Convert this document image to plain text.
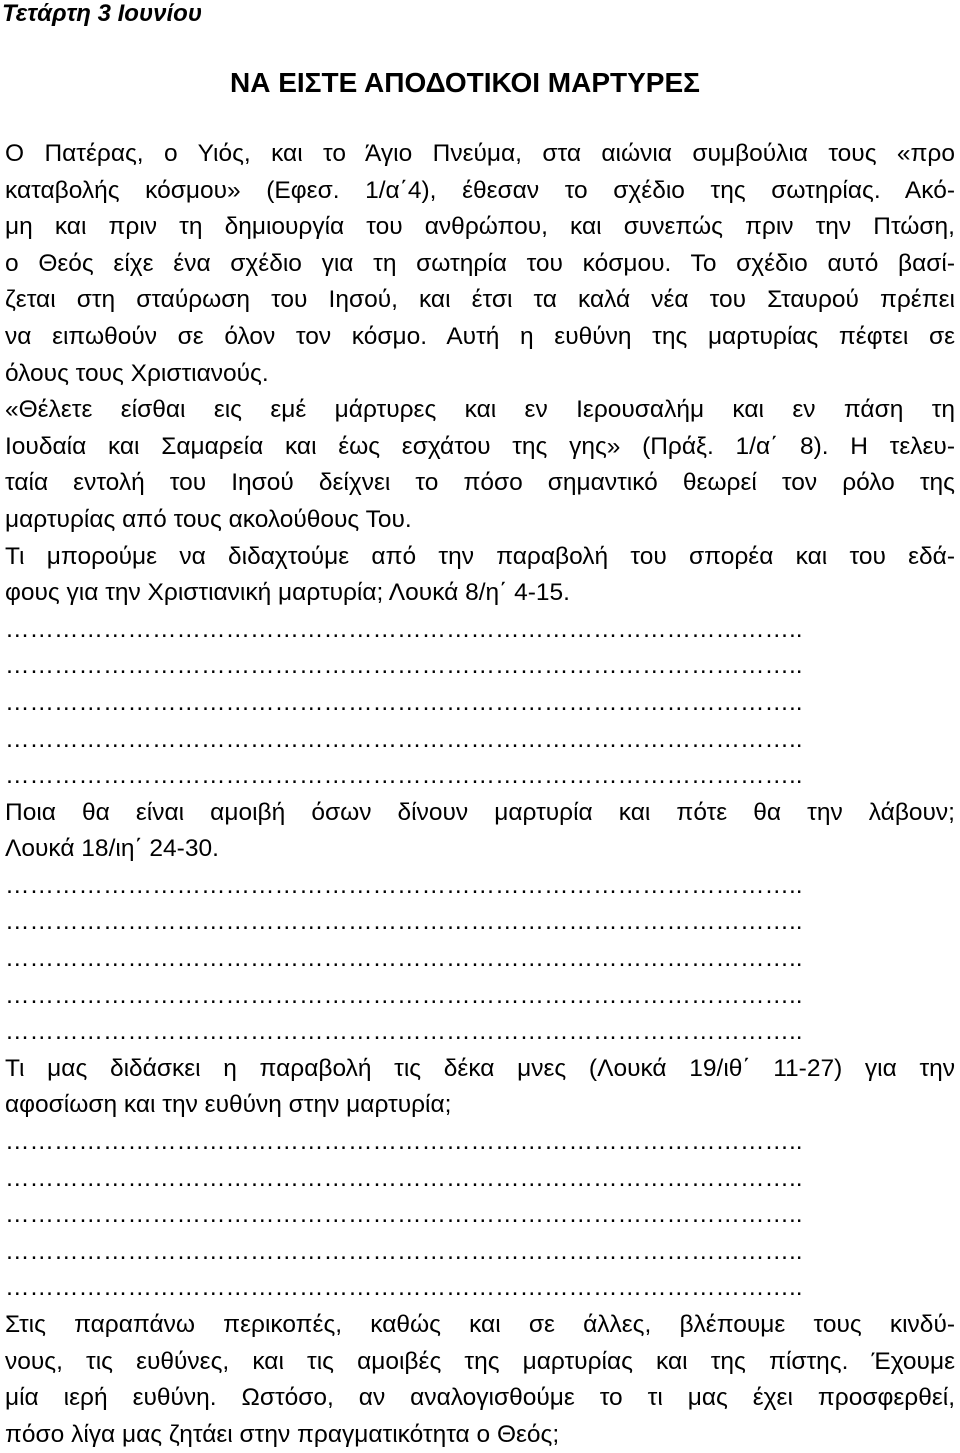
Τετάρτη 3 Ιουνίου
ΝΑ ΕΙΣΤΕ ΑΠΟΔΟΤΙΚΟΙ ΜΑΡΤΥΡΕΣ
Ο Πατέρας, ο Υιός, και το Άγιο Πνεύμα, στα αιώνια συμβούλια τους «προ
καταβολής κόσμου» (Εφεσ. 1/α΄4), έθεσαν το σχέδιο της σωτηρίας. Ακό-
μη και πριν τη δημιουργία του ανθρώπου, και συνεπώς πριν την Πτώση,
ο Θεός είχε ένα σχέδιο για τη σωτηρία του κόσμου. Το σχέδιο αυτό βασί-
ζεται στη σταύρωση του Ιησού, και έτσι τα καλά νέα του Σταυρού πρέπει
να ειπωθούν σε όλον τον κόσμο. Αυτή η ευθύνη της μαρτυρίας πέφτει σε
όλους τους Χριστιανούς.
«Θέλετε είσθαι εις εμέ μάρτυρες και εν Ιερουσαλήμ και εν πάση τη
Ιουδαία και Σαμαρεία και έως εσχάτου της γης» (Πράξ. 1/α΄ 8). Η τελευ-
ταία εντολή του Ιησού δείχνει το πόσο σημαντικό θεωρεί τον ρόλο της
μαρτυρίας από τους ακολούθους Του.
Τι μπορούμε να διδαχτούμε από την παραβολή του σπορέα και του εδά-
φους για την Χριστιανική μαρτυρία; Λουκά 8/η΄ 4-15.
……………………………………………………………………………………..
……………………………………………………………………………………..
……………………………………………………………………………………..
……………………………………………………………………………………..
……………………………………………………………………………………..
Ποια θα είναι αμοιβή όσων δίνουν μαρτυρία και πότε θα την λάβουν;
Λουκά 18/ιη΄ 24-30.
……………………………………………………………………………………..
……………………………………………………………………………………..
……………………………………………………………………………………..
……………………………………………………………………………………..
……………………………………………………………………………………..
Τι μας διδάσκει η παραβολή τις δέκα μνες (Λουκά 19/ιθ΄ 11-27) για την
αφοσίωση και την ευθύνη στην μαρτυρία;
……………………………………………………………………………………..
……………………………………………………………………………………..
……………………………………………………………………………………..
……………………………………………………………………………………..
……………………………………………………………………………………..
Στις παραπάνω περικοπές, καθώς και σε άλλες, βλέπουμε τους κινδύ-
νους, τις ευθύνες, και τις αμοιβές της μαρτυρίας και της πίστης. Έχουμε
μία ιερή ευθύνη. Ωστόσο, αν αναλογισθούμε το τι μας έχει προσφερθεί,
πόσο λίγα μας ζητάει στην πραγματικότητα ο Θεός;
